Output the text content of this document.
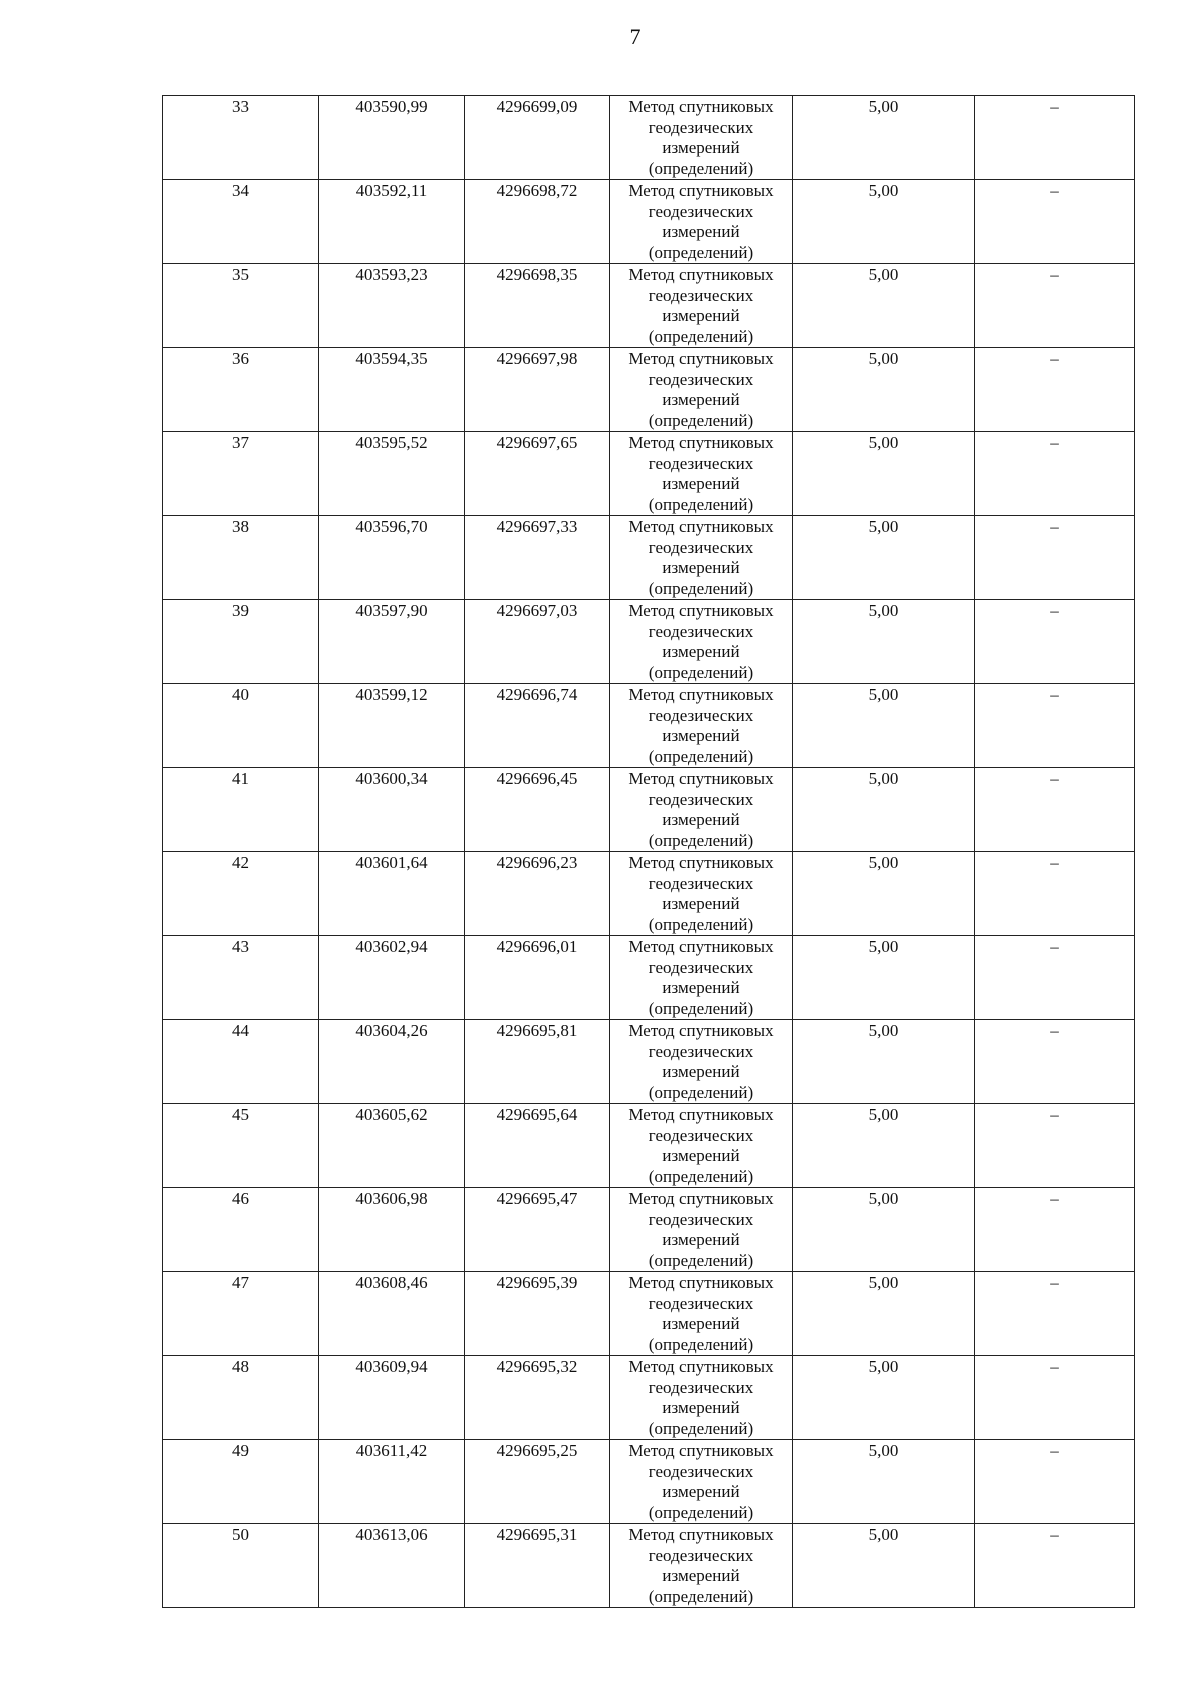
7
33	403590,99	4296699,09	Метод спутниковых
геодезических
измерений
(определений)	5,00	–

34	403592,11	4296698,72	Метод спутниковых
геодезических
измерений
(определений)	5,00	–

35	403593,23	4296698,35	Метод спутниковых
геодезических
измерений
(определений)	5,00	–

36	403594,35	4296697,98	Метод спутниковых
геодезических
измерений
(определений)	5,00	–

37	403595,52	4296697,65	Метод спутниковых
геодезических
измерений
(определений)	5,00	–

38	403596,70	4296697,33	Метод спутниковых
геодезических
измерений
(определений)	5,00	–

39	403597,90	4296697,03	Метод спутниковых
геодезических
измерений
(определений)	5,00	–

40	403599,12	4296696,74	Метод спутниковых
геодезических
измерений
(определений)	5,00	–

41	403600,34	4296696,45	Метод спутниковых
геодезических
измерений
(определений)	5,00	–

42	403601,64	4296696,23	Метод спутниковых
геодезических
измерений
(определений)	5,00	–

43	403602,94	4296696,01	Метод спутниковых
геодезических
измерений
(определений)	5,00	–

44	403604,26	4296695,81	Метод спутниковых
геодезических
измерений
(определений)	5,00	–

45	403605,62	4296695,64	Метод спутниковых
геодезических
измерений
(определений)	5,00	–

46	403606,98	4296695,47	Метод спутниковых
геодезических
измерений
(определений)	5,00	–

47	403608,46	4296695,39	Метод спутниковых
геодезических
измерений
(определений)	5,00	–

48	403609,94	4296695,32	Метод спутниковых
геодезических
измерений
(определений)	5,00	–

49	403611,42	4296695,25	Метод спутниковых
геодезических
измерений
(определений)	5,00	–

50	403613,06	4296695,31	Метод спутниковых
геодезических
измерений
(определений)	5,00	–
